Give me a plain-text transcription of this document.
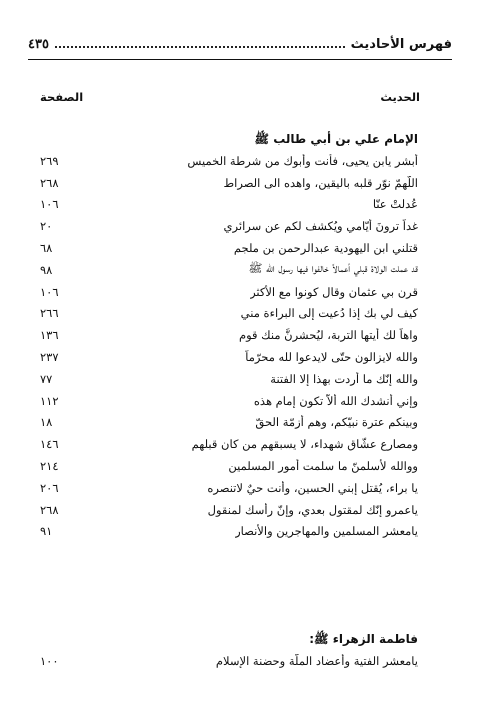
فهرس الأحاديث
٤٣٥
الحديث
الصفحة
الإمام علي بن أبي طالب ﷺ
أبشر يابن يحيى، فأنت وأبوك من شرطة الخميس
٢٦٩
اللّهمّ نوّر قلبه باليقين، واهده الى الصراط
٢٦٨
عُدلتْ عنّا
١٠٦
غداً ترونَ أيّامي ويُكشف لكم عن سرائري
٢٠
قتلني ابن اليهودية عبدالرحمن بن ملجم
٦٨
قد عملت الولاة قبلي أعمالاً خالفوا فيها رسول الله ﷺ
٩٨
قرن بي عثمان وقال كونوا مع الأكثر
١٠٦
كيف لي بك إذا دُعيت إلى البراءة مني
٢٦٦
واهاً لك أيتها التربة، ليُحشرنَّ منك قوم
١٣٦
والله لايزالون حتّى لايدعوا لله محرّماً
٢٣٧
والله إنّك ما أردت بهذا إلا الفتنة
٧٧
وإني أُنشدك الله ألاّ تكون إمام هذه
١١٢
وبينكم عترة نبيّكم، وهم أزمّة الحقّ
١٨
ومصارع عشّاق شهداء، لا يسبقهم من كان قبلهم
١٤٦
ووالله لأُسلمنّ ما سلمت أمور المسلمين
٢١٤
يا براء، يُقتل إبني الحسين، وأنت حيٌ لاتنصره
٢٠٦
ياعمرو إنّك لمقتول بعدي، وإنّ رأسك لمنقول
٢٦٨
يامعشر المسلمين والمهاجرين والأنصار
٩١
فاطمة الزهراء ﷺ:
يامعشر الفتية وأعضاد الملّة وحضنة الإسلام
١٠٠
